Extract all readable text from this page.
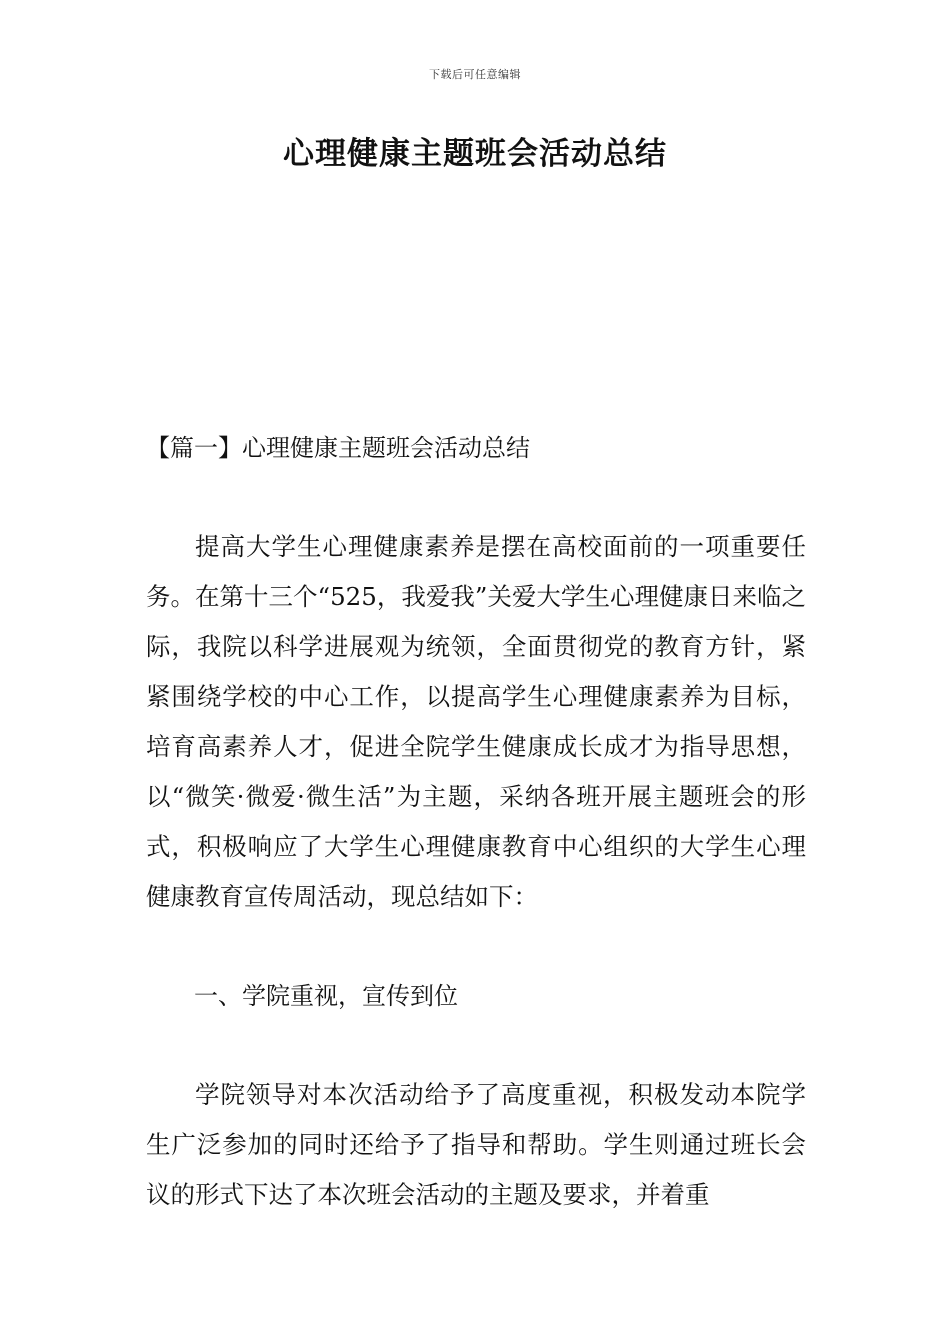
下载后可任意编辑
心理健康主题班会活动总结
【篇一】心理健康主题班会活动总结

提高大学生心理健康素养是摆在高校面前的一项重要任务。在第十三个“525，我爱我”关爱大学生心理健康日来临之际，我院以科学进展观为统领，全面贯彻党的教育方针，紧紧围绕学校的中心工作，以提高学生心理健康素养为目标，培育高素养人才，促进全院学生健康成长成才为指导思想，以“微笑·微爱·微生活”为主题，采纳各班开展主题班会的形式，积极响应了大学生心理健康教育中心组织的大学生心理健康教育宣传周活动，现总结如下：

一、学院重视，宣传到位

学院领导对本次活动给予了高度重视，积极发动本院学生广泛参加的同时还给予了指导和帮助。学生则通过班长会议的形式下达了本次班会活动的主题及要求，并着重
